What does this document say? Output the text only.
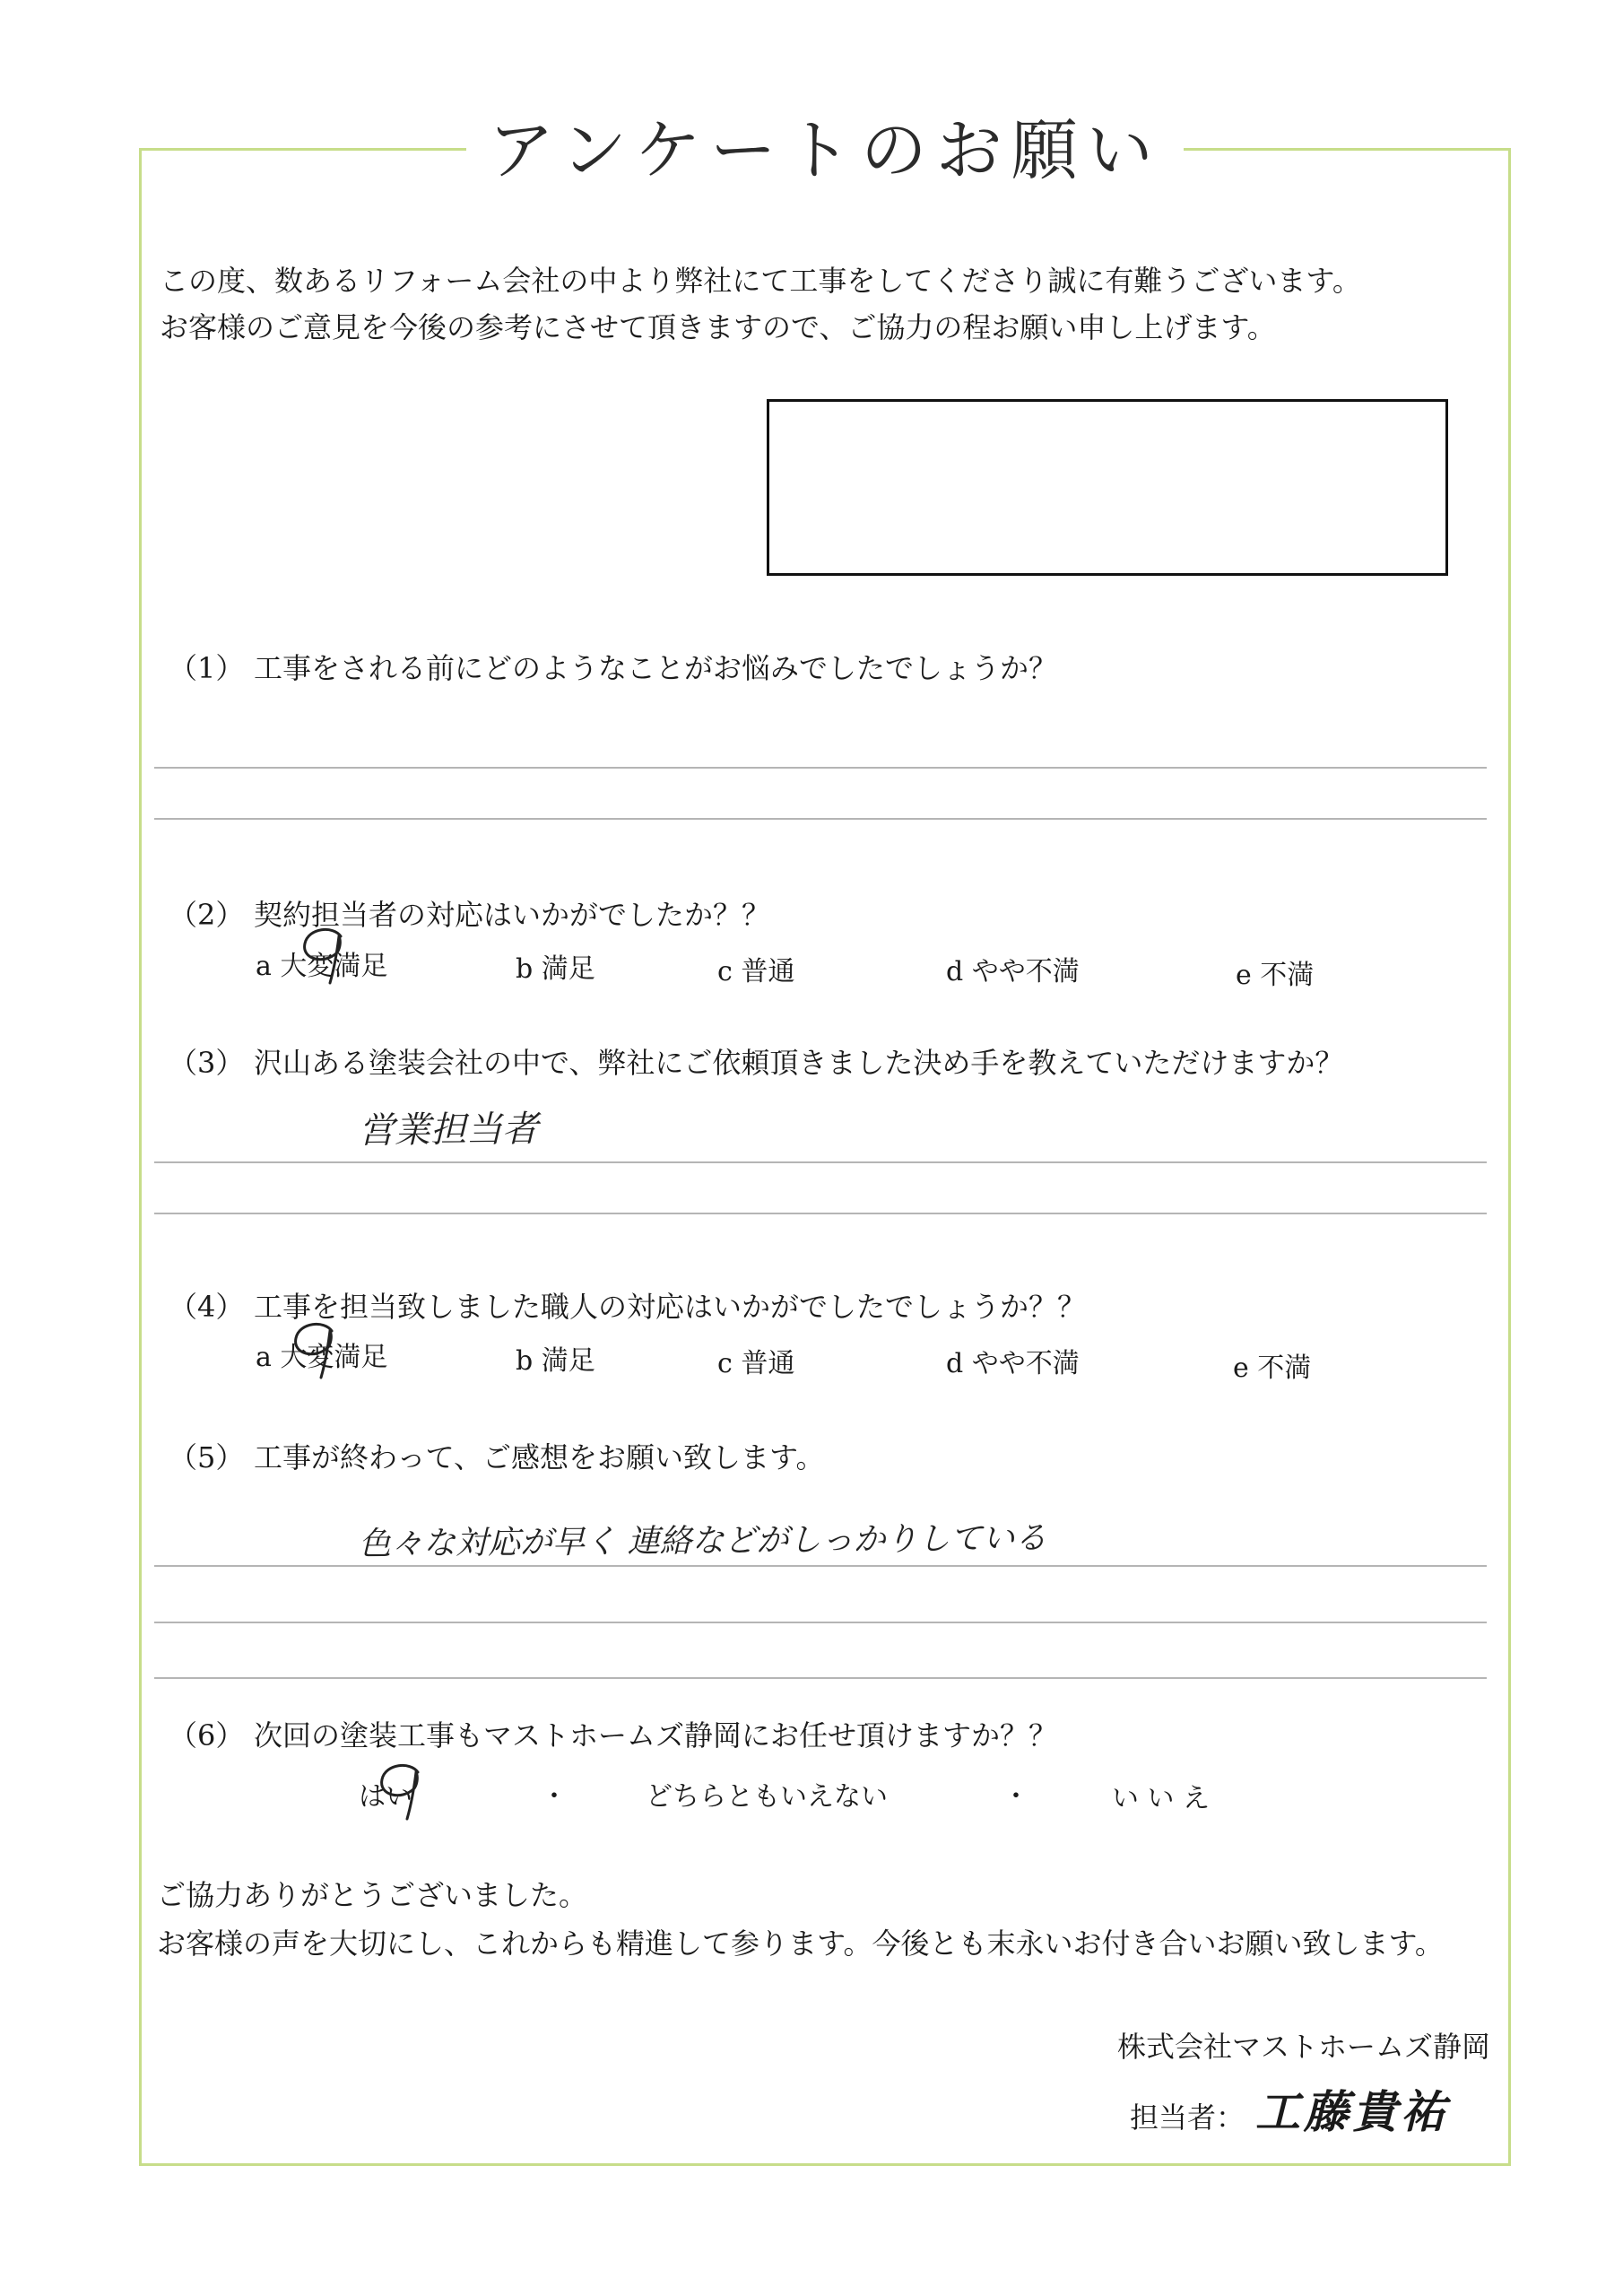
アンケートのお願い
この度、数あるリフォーム会社の中より弊社にて工事をしてくださり誠に有難うございます。
お客様のご意見を今後の参考にさせて頂きますので、ご協力の程お願い申し上げます。
（1） 工事をされる前にどのようなことがお悩みでしたでしょうか？
（2） 契約担当者の対応はいかがでしたか？？
a 大変満足	b 満足	c 普通	d やや不満	e 不満
（3） 沢山ある塗装会社の中で、弊社にご依頼頂きました決め手を教えていただけますか？
営業担当者
（4） 工事を担当致しました職人の対応はいかがでしたでしょうか？？
a 大変満足	b 満足	c 普通	d やや不満	e 不満
（5） 工事が終わって、ご感想をお願い致します。
色々な対応が早く 連絡などがしっかりしている
（6） 次回の塗装工事もマストホームズ静岡にお任せ頂けますか？？
はい	・	どちらともいえない	・	い い え
ご協力ありがとうございました。
お客様の声を大切にし、これからも精進して参ります。今後とも末永いお付き合いお願い致します。
株式会社マストホームズ静岡
担当者： 工藤貴祐
